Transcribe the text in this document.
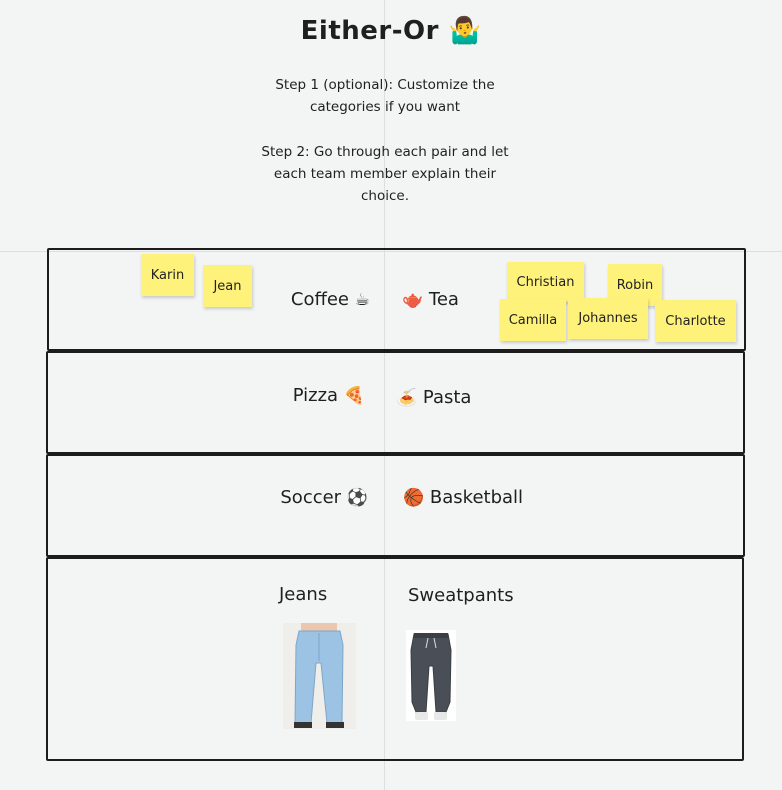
Either-Or 🤷‍♂️

Step 1 (optional): Customize the categories if you want

Step 2: Go through each pair and let each team member explain their choice.

Coffee ☕ 🫖 Tea
Karin
Jean	Christian	Robin
Camilla	Johannes	Charlotte
Pizza 🍕 🍝 Pasta
Soccer ⚽ 🏀 Basketball
Jeans	Sweatpants
